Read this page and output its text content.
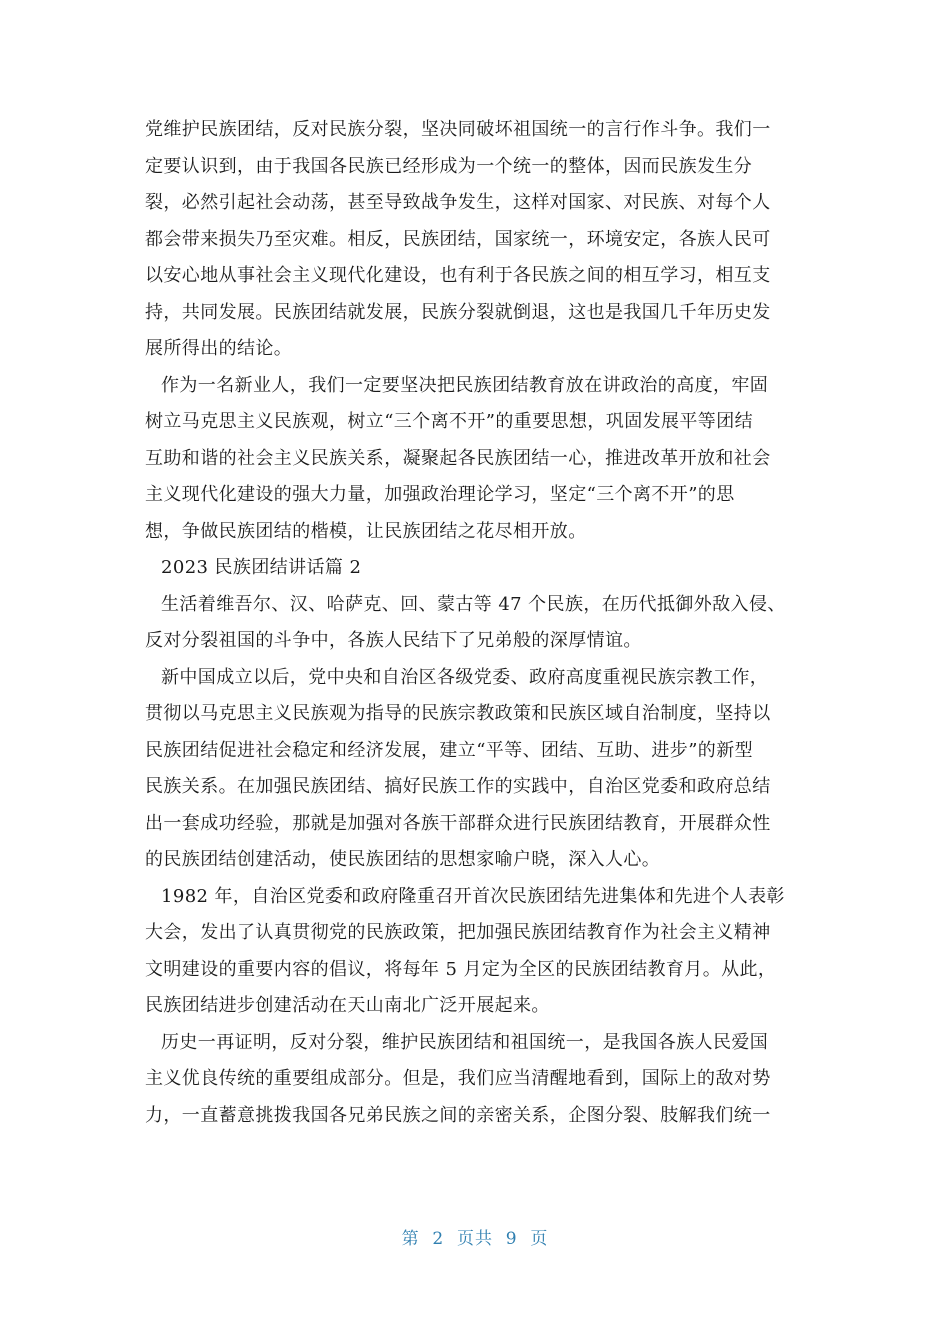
党维护民族团结，反对民族分裂，坚决同破坏祖国统一的言行作斗争。我们一
定要认识到，由于我国各民族已经形成为一个统一的整体，因而民族发生分
裂，必然引起社会动荡，甚至导致战争发生，这样对国家、对民族、对每个人
都会带来损失乃至灾难。相反，民族团结，国家统一，环境安定，各族人民可
以安心地从事社会主义现代化建设，也有利于各民族之间的相互学习，相互支
持，共同发展。民族团结就发展，民族分裂就倒退，这也是我国几千年历史发
展所得出的结论。
作为一名新业人，我们一定要坚决把民族团结教育放在讲政治的高度，牢固
树立马克思主义民族观，树立“三个离不开”的重要思想，巩固发展平等团结
互助和谐的社会主义民族关系，凝聚起各民族团结一心，推进改革开放和社会
主义现代化建设的强大力量，加强政治理论学习，坚定“三个离不开”的思
想，争做民族团结的楷模，让民族团结之花尽相开放。
2023 民族团结讲话篇 2
生活着维吾尔、汉、哈萨克、回、蒙古等 47 个民族，在历代抵御外敌入侵、
反对分裂祖国的斗争中，各族人民结下了兄弟般的深厚情谊。
新中国成立以后，党中央和自治区各级党委、政府高度重视民族宗教工作，
贯彻以马克思主义民族观为指导的民族宗教政策和民族区域自治制度，坚持以
民族团结促进社会稳定和经济发展，建立“平等、团结、互助、进步”的新型
民族关系。在加强民族团结、搞好民族工作的实践中，自治区党委和政府总结
出一套成功经验，那就是加强对各族干部群众进行民族团结教育，开展群众性
的民族团结创建活动，使民族团结的思想家喻户晓，深入人心。
1982 年，自治区党委和政府隆重召开首次民族团结先进集体和先进个人表彰
大会，发出了认真贯彻党的民族政策，把加强民族团结教育作为社会主义精神
文明建设的重要内容的倡议，将每年 5 月定为全区的民族团结教育月。从此，
民族团结进步创建活动在天山南北广泛开展起来。
历史一再证明，反对分裂，维护民族团结和祖国统一，是我国各族人民爱国
主义优良传统的重要组成部分。但是，我们应当清醒地看到，国际上的敌对势
力，一直蓄意挑拨我国各兄弟民族之间的亲密关系，企图分裂、肢解我们统一
第  2  页共  9  页
